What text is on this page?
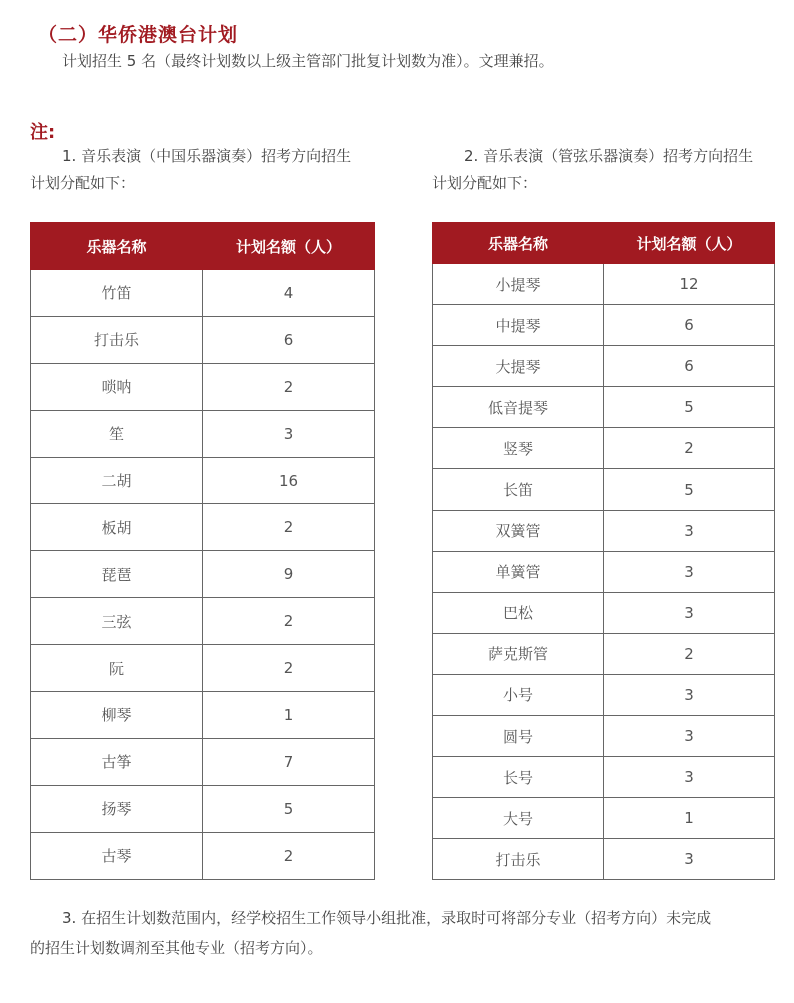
（二）华侨港澳台计划

计划招生 5 名（最终计划数以上级主管部门批复计划数为准）。文理兼招。

注:

1. 音乐表演（中国乐器演奏）招考方向招生
计划分配如下：

2. 音乐表演（管弦乐器演奏）招考方向招生
计划分配如下：

乐器名称	计划名额（人）
竹笛	4
打击乐	6
唢呐	2
笙	3
二胡	16
板胡	2
琵琶	9
三弦	2
阮	2
柳琴	1
古筝	7
扬琴	5
古琴	2
乐器名称	计划名额（人）
小提琴	12
中提琴	6
大提琴	6
低音提琴	5
竖琴	2
长笛	5
双簧管	3
单簧管	3
巴松	3
萨克斯管	2
小号	3
圆号	3
长号	3
大号	1
打击乐	3

3. 在招生计划数范围内，经学校招生工作领导小组批准，录取时可将部分专业（招考方向）未完成
的招生计划数调剂至其他专业（招考方向）。
